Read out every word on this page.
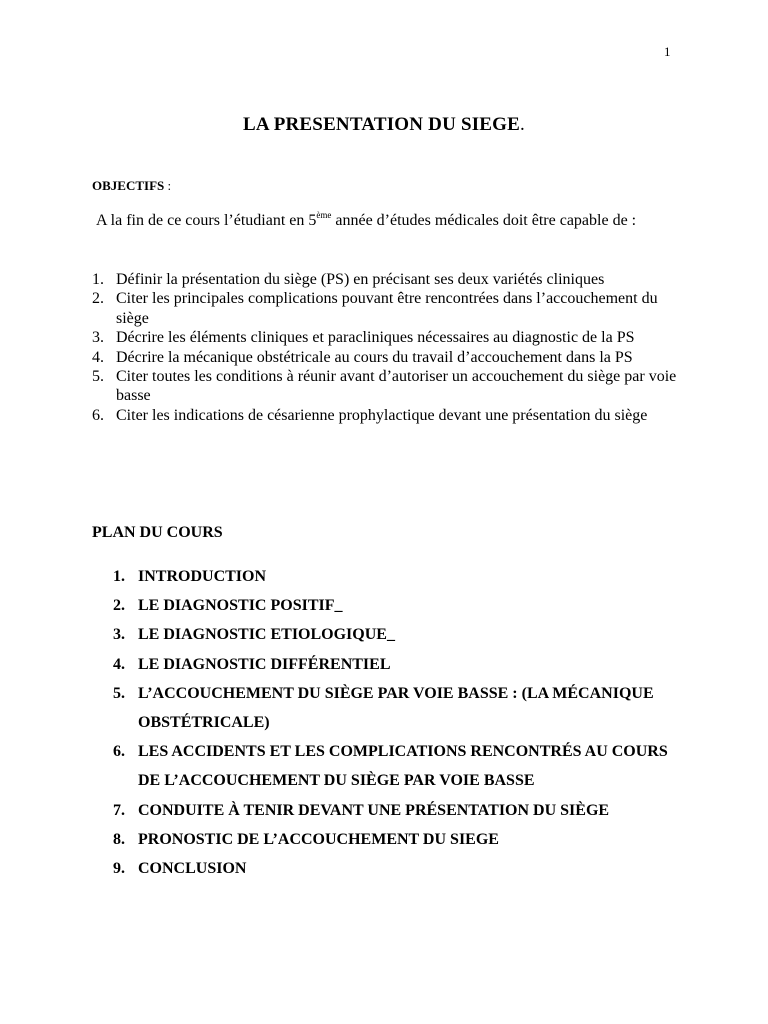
1
LA PRESENTATION DU SIEGE.
OBJECTIFS :
A la fin de ce cours l’étudiant en 5ème année d’études médicales doit être capable de :
1. Définir la présentation du siège (PS) en précisant ses deux variétés cliniques
2. Citer les principales complications pouvant être rencontrées dans l’accouchement du siège
3. Décrire les éléments cliniques et paracliniques nécessaires au diagnostic de la PS
4. Décrire la mécanique obstétricale au cours du travail d’accouchement dans la PS
5. Citer toutes les conditions à réunir avant d’autoriser un accouchement du siège par voie basse
6. Citer les indications de césarienne prophylactique devant une présentation du siège
PLAN DU COURS
1. INTRODUCTION
2. LE DIAGNOSTIC POSITIF_
3. LE DIAGNOSTIC ETIOLOGIQUE_
4. LE DIAGNOSTIC DIFFÉRENTIEL
5. L’ACCOUCHEMENT DU SIÈGE PAR VOIE BASSE : (LA MÉCANIQUE OBSTÉTRICALE)
6. LES ACCIDENTS ET LES COMPLICATIONS RENCONTRÉS AU COURS DE L’ACCOUCHEMENT DU SIÈGE PAR VOIE BASSE
7. CONDUITE À TENIR DEVANT UNE PRÉSENTATION DU SIÈGE
8. PRONOSTIC DE L’ACCOUCHEMENT DU SIEGE
9. CONCLUSION
